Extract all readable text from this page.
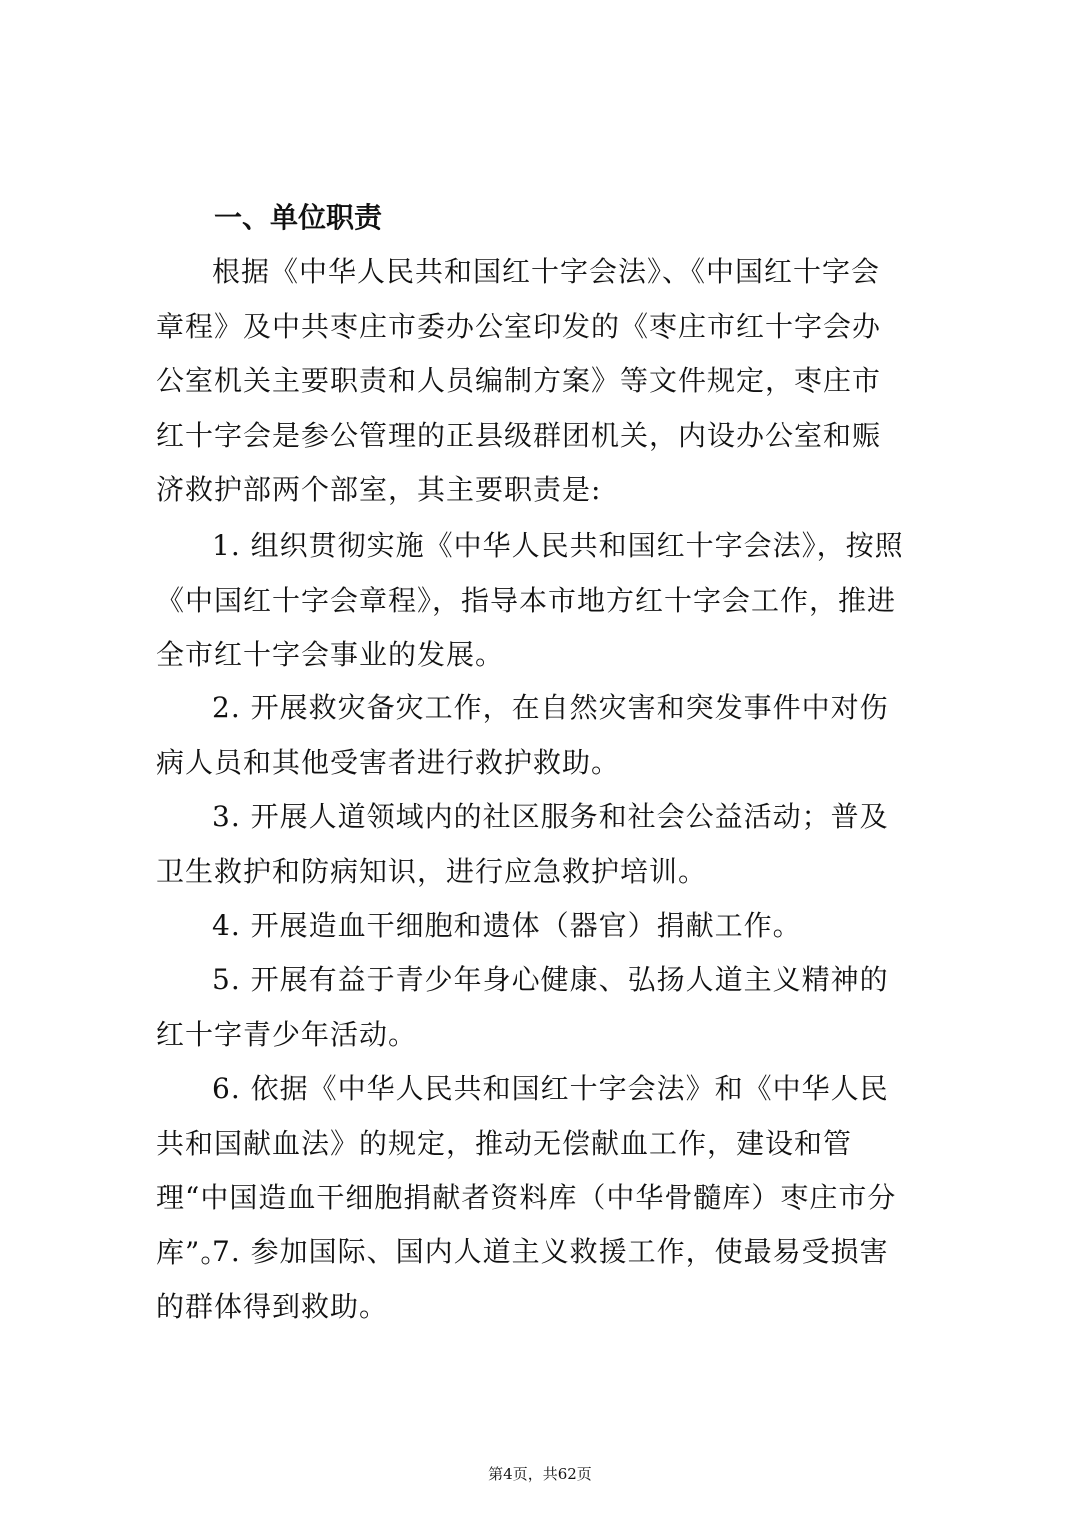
一、单位职责

根据《中华人民共和国红十字会法》、《中国红十字会章程》及中共枣庄市委办公室印发的《枣庄市红十字会办公室机关主要职责和人员编制方案》等文件规定，枣庄市红十字会是参公管理的正县级群团机关，内设办公室和赈济救护部两个部室，其主要职责是:

1. 组织贯彻实施《中华人民共和国红十字会法》，按照《中国红十字会章程》，指导本市地方红十字会工作，推进全市红十字会事业的发展。

2. 开展救灾备灾工作，在自然灾害和突发事件中对伤病人员和其他受害者进行救护救助。

3. 开展人道领域内的社区服务和社会公益活动；普及卫生救护和防病知识，进行应急救护培训。

4. 开展造血干细胞和遗体（器官）捐献工作。

5. 开展有益于青少年身心健康、弘扬人道主义精神的红十字青少年活动。

6. 依据《中华人民共和国红十字会法》和《中华人民共和国献血法》的规定，推动无偿献血工作，建设和管理“中国造血干细胞捐献者资料库（中华骨髓库）枣庄市分库”。

7. 参加国际、国内人道主义救援工作，使最易受损害的群体得到救助。

第4页，共62页
